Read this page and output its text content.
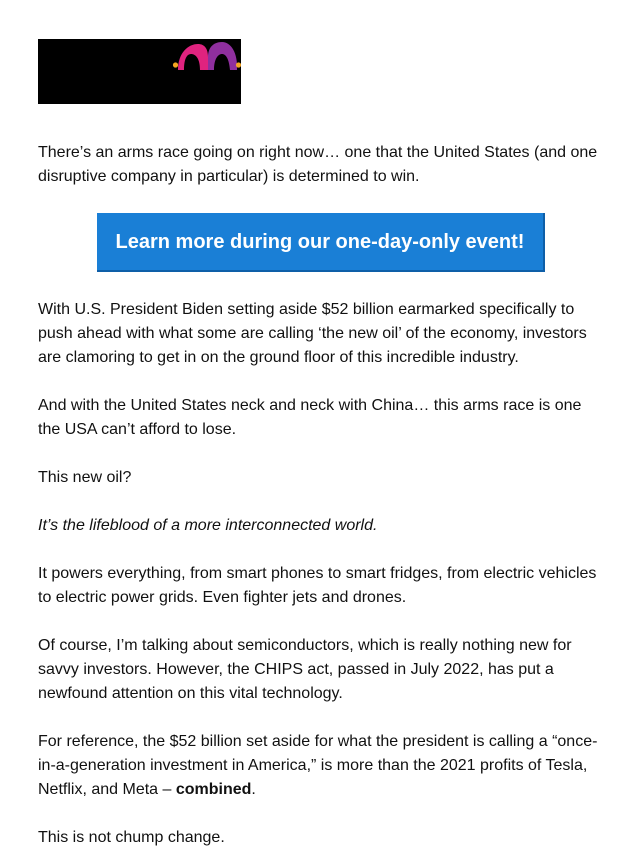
There’s an arms race going on right now… one that the United States (and one disruptive company in particular) is determined to win.

Learn more during our one-day-only event!

With U.S. President Biden setting aside $52 billion earmarked specifically to push ahead with what some are calling ‘the new oil’ of the economy, investors are clamoring to get in on the ground floor of this incredible industry.

And with the United States neck and neck with China… this arms race is one the USA can’t afford to lose.

This new oil?

It’s the lifeblood of a more interconnected world.

It powers everything, from smart phones to smart fridges, from electric vehicles to electric power grids. Even fighter jets and drones.

Of course, I’m talking about semiconductors, which is really nothing new for savvy investors. However, the CHIPS act, passed in July 2022, has put a newfound attention on this vital technology.

For reference, the $52 billion set aside for what the president is calling a “once-in-a-generation investment in America,” is more than the 2021 profits of Tesla, Netflix, and Meta – combined.

This is not chump change.
